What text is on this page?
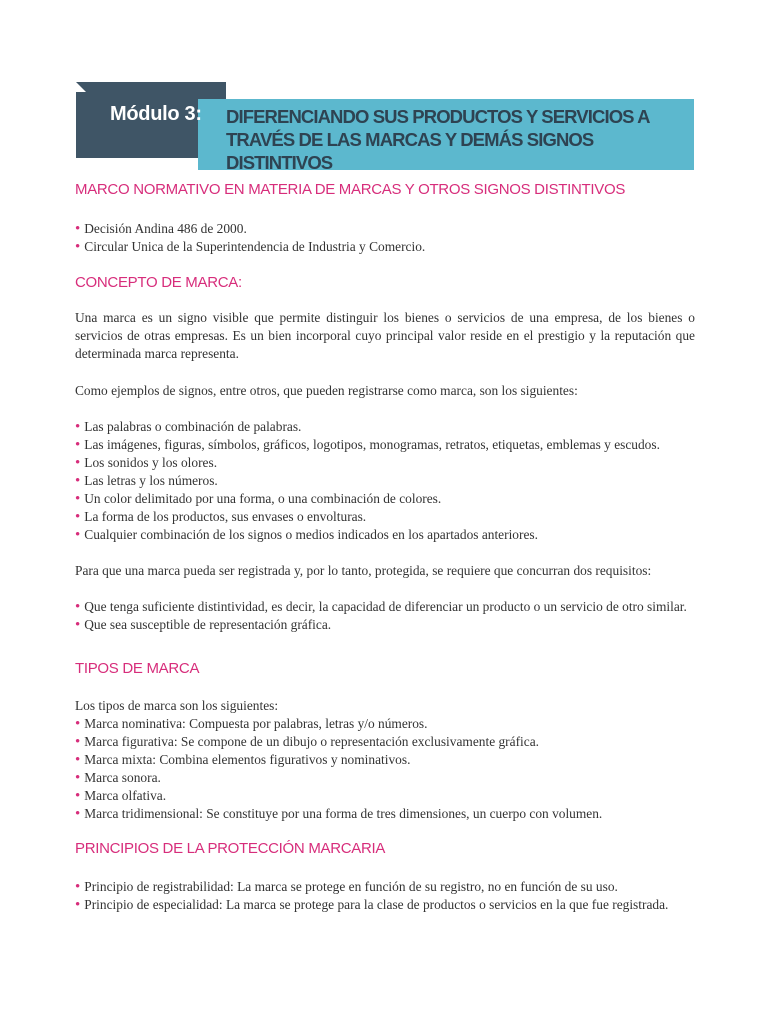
Módulo 3: DIFERENCIANDO SUS PRODUCTOS Y SERVICIOS A TRAVÉS DE LAS MARCAS Y DEMÁS SIGNOS DISTINTIVOS
MARCO NORMATIVO EN MATERIA DE MARCAS Y OTROS SIGNOS DISTINTIVOS
• Decisión Andina 486 de 2000.
• Circular Unica de la Superintendencia de Industria y Comercio.
CONCEPTO DE MARCA:

Una marca es un signo visible que permite distinguir los bienes o servicios de una empresa, de los bienes o servicios de otras empresas. Es un bien incorporal cuyo principal valor reside en el prestigio y la reputación que determinada marca representa.

Como ejemplos de signos, entre otros, que pueden registrarse como marca, son los siguientes:

• Las palabras o combinación de palabras.
• Las imágenes, figuras, símbolos, gráficos, logotipos, monogramas, retratos, etiquetas, emblemas y escudos.
• Los sonidos y los olores.
• Las letras y los números.
• Un color delimitado por una forma, o una combinación de colores.
• La forma de los productos, sus envases o envolturas.
• Cualquier combinación de los signos o medios indicados en los apartados anteriores.

Para que una marca pueda ser registrada y, por lo tanto, protegida, se requiere que concurran dos requisitos:

• Que tenga suficiente distintividad, es decir, la capacidad de diferenciar un producto o un servicio de otro similar.
• Que sea susceptible de representación gráfica.
TIPOS DE MARCA

Los tipos de marca son los siguientes:

• Marca nominativa: Compuesta por palabras, letras y/o números.
• Marca figurativa: Se compone de un dibujo o representación exclusivamente gráfica.
• Marca mixta: Combina elementos figurativos y nominativos.
• Marca sonora.
• Marca olfativa.
• Marca tridimensional: Se constituye por una forma de tres dimensiones, un cuerpo con volumen.
PRINCIPIOS DE LA PROTECCIÓN MARCARIA
• Principio de registrabilidad: La marca se protege en función de su registro, no en función de su uso.
• Principio de especialidad: La marca se protege para la clase de productos o servicios en la que fue registrada.
